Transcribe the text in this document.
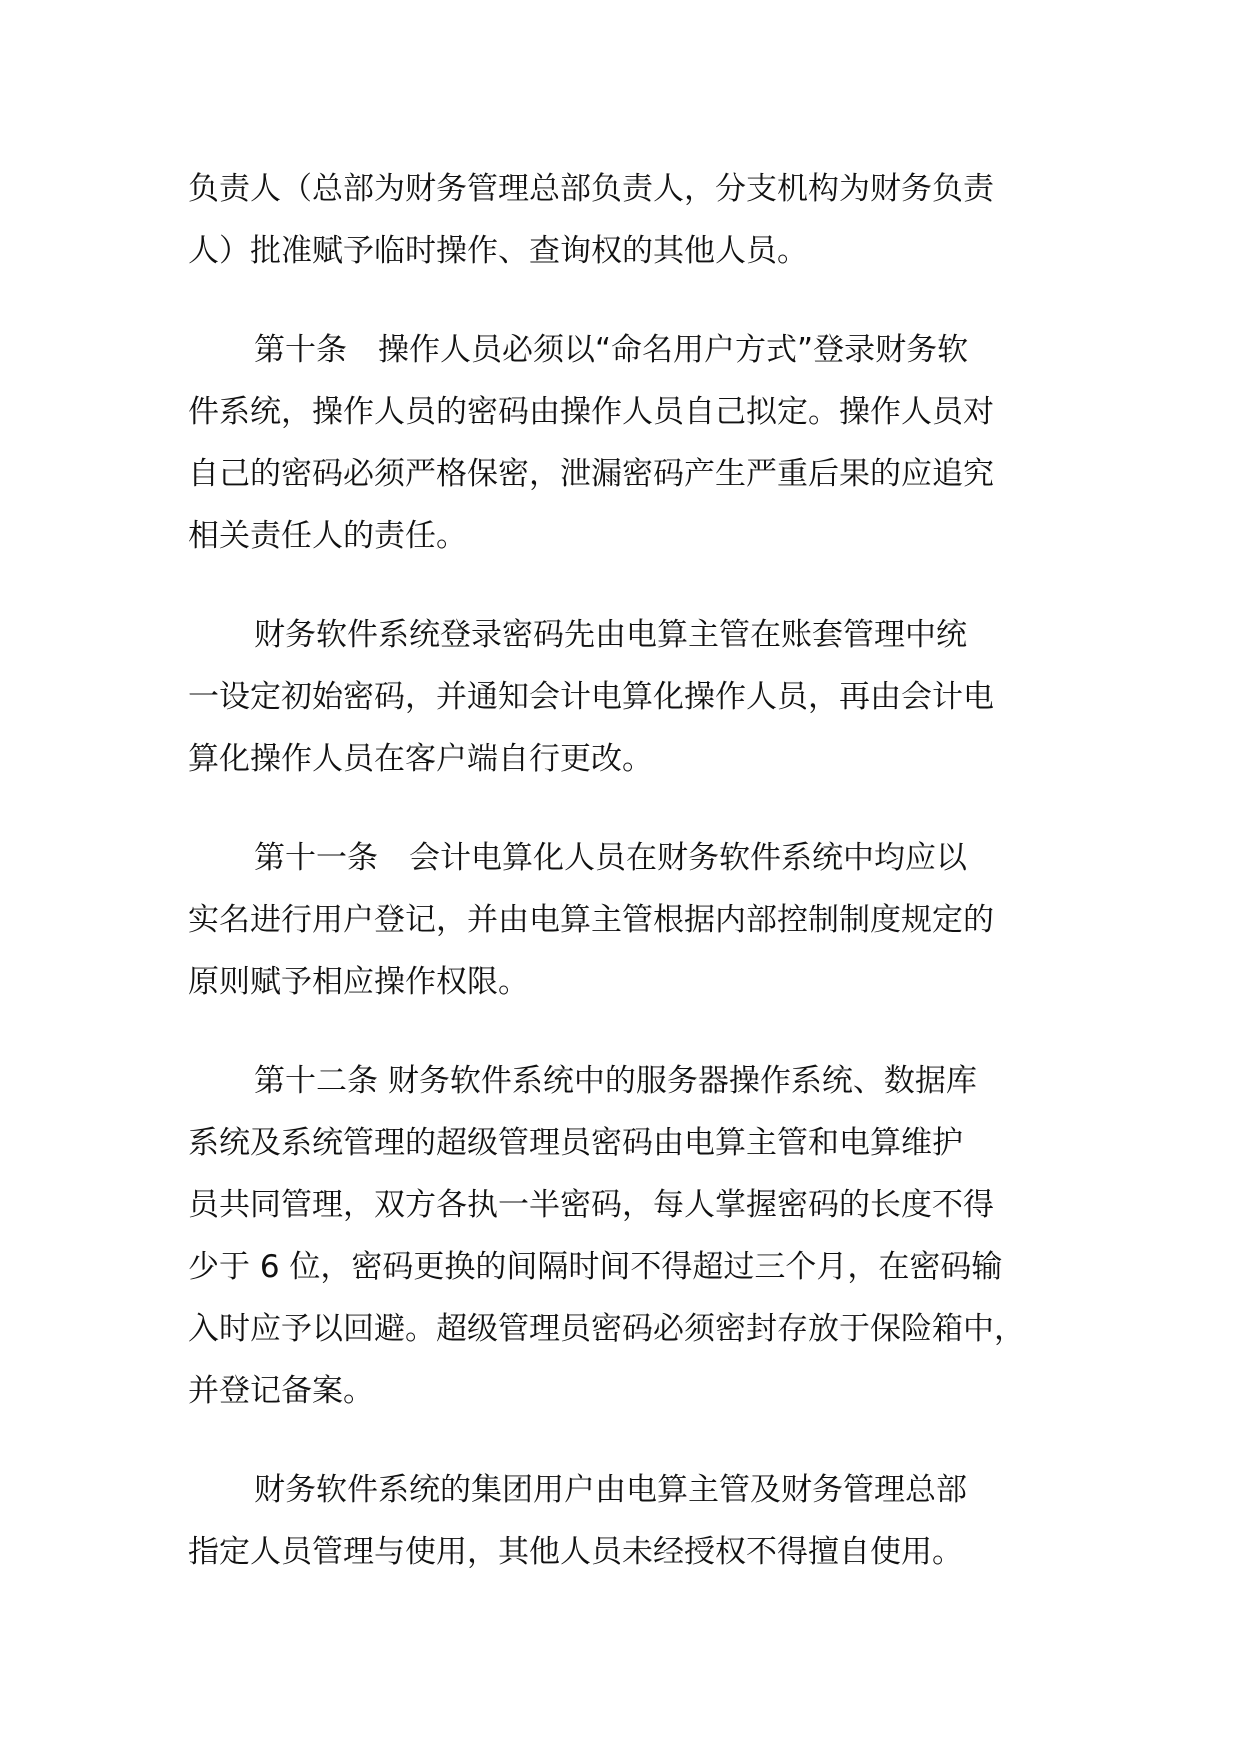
负责人（总部为财务管理总部负责人，分支机构为财务负责
人）批准赋予临时操作、查询权的其他人员。

第十条　操作人员必须以“命名用户方式”登录财务软
件系统，操作人员的密码由操作人员自己拟定。操作人员对
自己的密码必须严格保密，泄漏密码产生严重后果的应追究
相关责任人的责任。

财务软件系统登录密码先由电算主管在账套管理中统
一设定初始密码，并通知会计电算化操作人员，再由会计电
算化操作人员在客户端自行更改。

第十一条　会计电算化人员在财务软件系统中均应以
实名进行用户登记，并由电算主管根据内部控制制度规定的
原则赋予相应操作权限。

第十二条 财务软件系统中的服务器操作系统、数据库
系统及系统管理的超级管理员密码由电算主管和电算维护
员共同管理，双方各执一半密码，每人掌握密码的长度不得
少于 6 位，密码更换的间隔时间不得超过三个月，在密码输
入时应予以回避。超级管理员密码必须密封存放于保险箱中，
并登记备案。

财务软件系统的集团用户由电算主管及财务管理总部
指定人员管理与使用，其他人员未经授权不得擅自使用。
